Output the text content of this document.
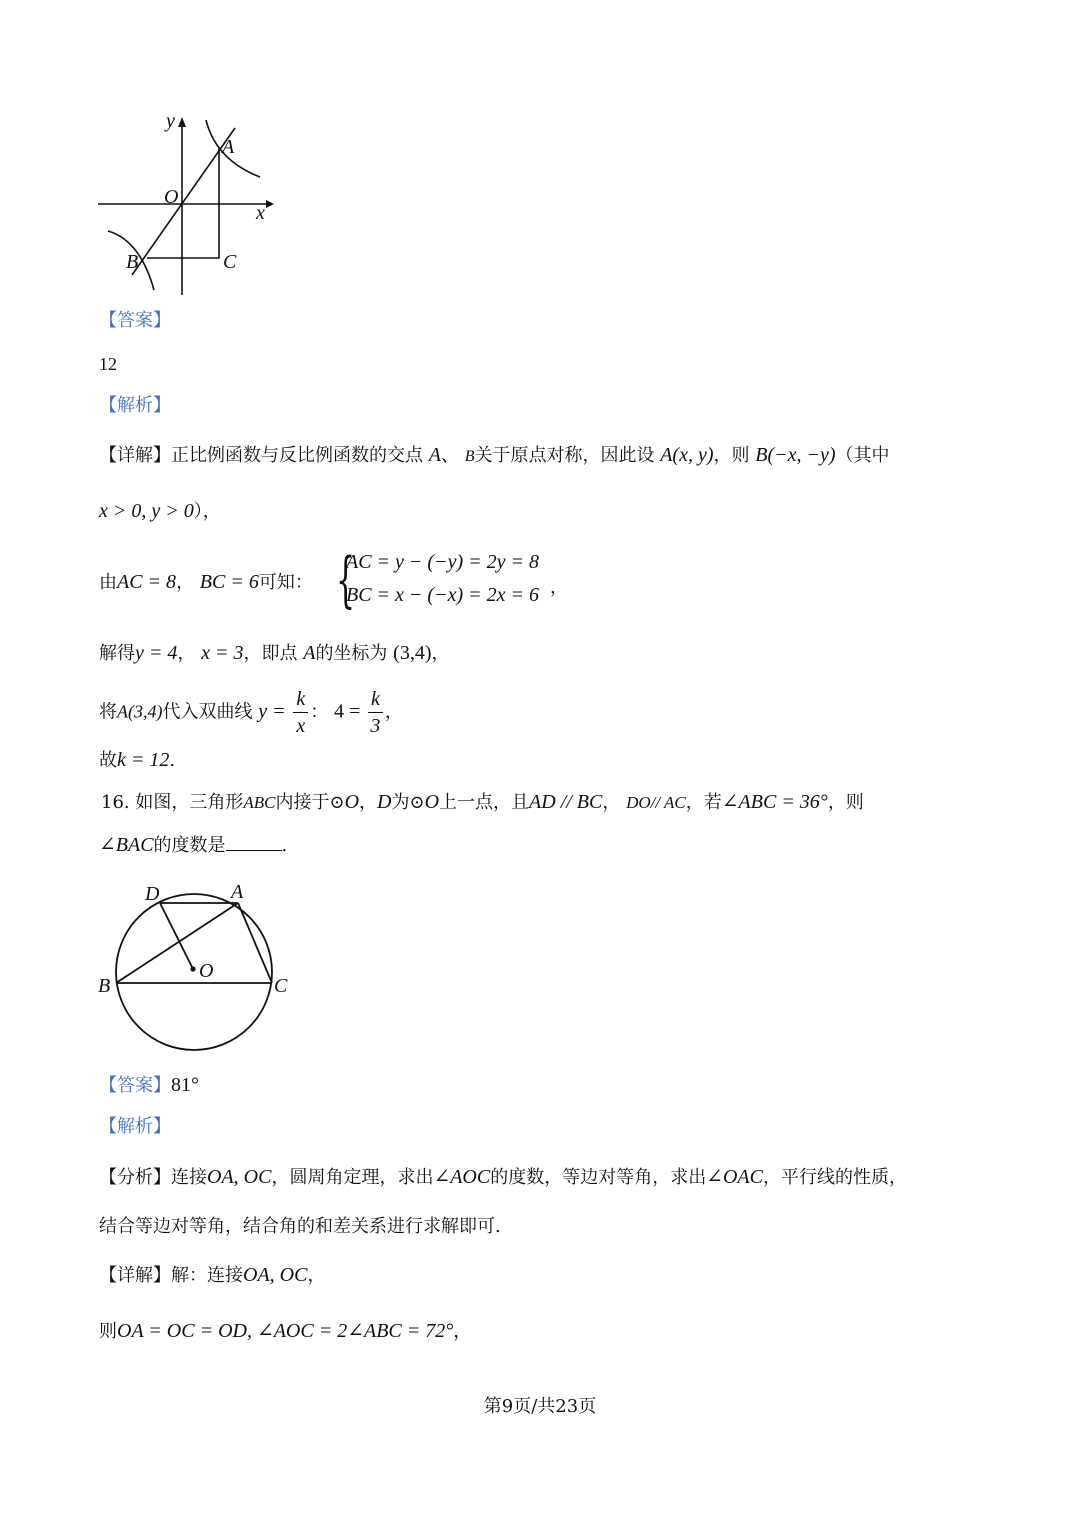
y
x
A
O
B	C
【答案】
12
【解析】
【详解】正比例函数与反比例函数的交点 A、 B关于原点对称，因此设 A(x, y)，则 B(−x, −y)（其中
x > 0, y > 0），
由AC = 8， BC = 6可知： {
AC = y − (−y) = 2y = 8
BC = x − (−x) = 2x = 6 ，
解得y = 4， x = 3，即点 A的坐标为 (3,4)，
将A(3,4)代入双曲线 $y = \frac{k}{x}$ ： $4 = \frac{k}{3}$ ，
故k = 12.
16. 如图，三角形ABC内接于⊙O，D为⊙O上一点，且AD // BC， DO// AC，若∠ABC = 36°，则
∠BAC的度数是	.
D	A
O
B	C
【答案】81°
【解析】
【分析】连接OA, OC，圆周角定理，求出∠AOC的度数，等边对等角，求出∠OAC，平行线的性质，
结合等边对等角，结合角的和差关系进行求解即可.
【详解】解：连接OA, OC，
则OA = OC = OD, ∠AOC = 2∠ABC = 72°，
第9页/共23页
